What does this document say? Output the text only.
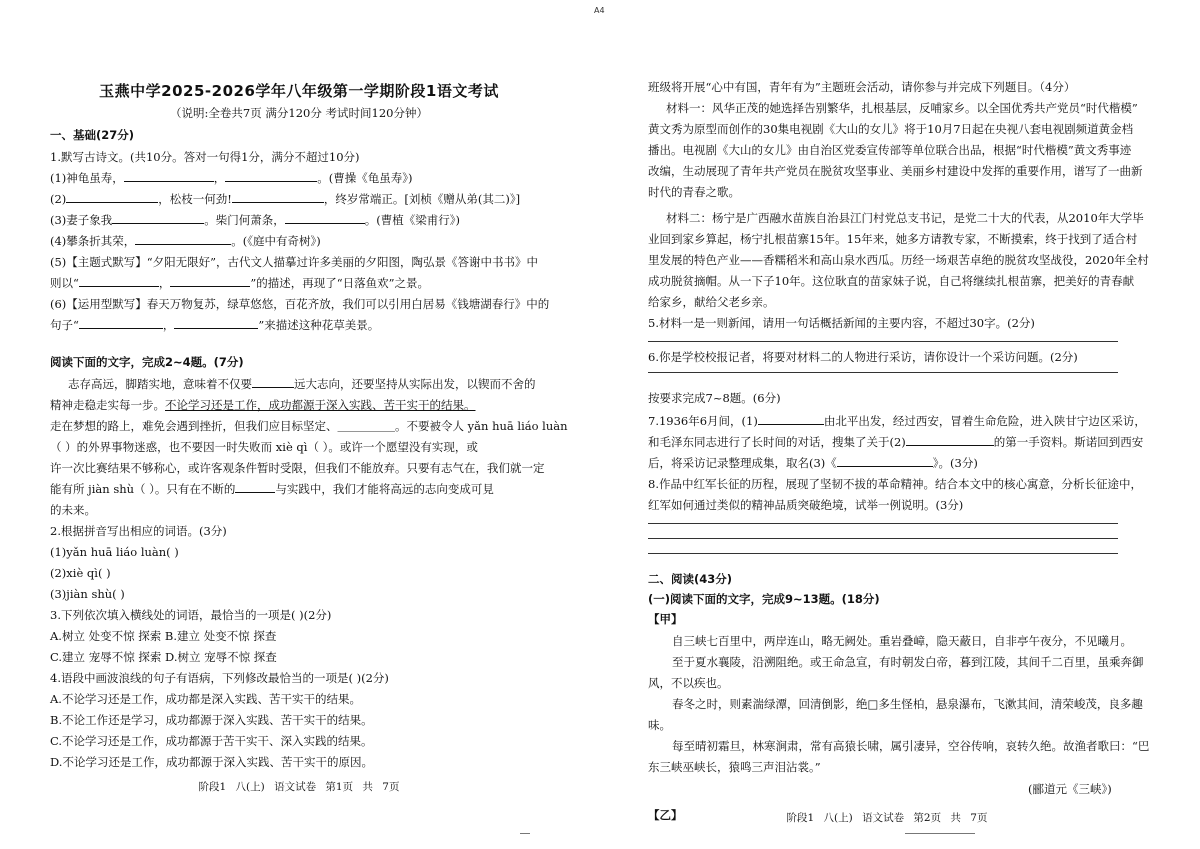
A4
玉燕中学2025-2026学年八年级第一学期阶段1语文考试
（说明:全卷共7页 满分120分 考试时间120分钟）
一、基础(27分)
1.默写古诗文。(共10分。答对一句得1分，满分不超过10分)
(1)神龟虽寿，	，	。(曹操《龟虽寿》)
(2)	，松枝一何劲!	，终岁常端正。[刘桢《赠从弟(其二)》]
(3)妻子象我	。柴门何萧条，	。(曹植《梁甫行》)
(4)攀条折其荣，	。(《庭中有奇树》)
(5)【主题式默写】“夕阳无限好”，古代文人描摹过许多美丽的夕阳图，陶弘景《答谢中书书》中
则以“	，	”的描述，再现了“日落鱼欢”之景。
(6)【运用型默写】春天万物复苏，绿草悠悠，百花齐放，我们可以引用白居易《钱塘湖春行》中的
句子“	，	”来描述这种花草美景。
阅读下面的文字，完成2~4题。(7分)
志存高远，脚踏实地，意味着不仅要	远大志向，还要坚持从实际出发，以锲而不舍的
精神走稳走实每一步。不论学习还是工作，成功都源于深入实践、苦干实干的结果。
走在梦想的路上，难免会遇到挫折，但我们应目标坚定、＿＿＿＿＿。不要被令人 yǎn huā liáo luàn
（ ）的外界事物迷惑，也不要因一时失败而 xiè qì（ ）。或许一个愿望没有实现，或
许一次比赛结果不够称心，或许客观条件暂时受限，但我们不能放弃。只要有志气在，我们就一定
能有所 jiàn shù（ ）。只有在不断的	与实践中，我们才能将高远的志向变成可見
的未来。
2.根据拼音写出相应的词语。(3分)
(1)yǎn huā liáo luàn( )
(2)xiè qì( )
(3)jiàn shù( )
3.下列依次填入横线处的词语，最恰当的一项是( )(2分)
A.树立 处变不惊 探索 B.建立 处变不惊 探查
C.建立 宠辱不惊 探索 D.树立 宠辱不惊 探查
4.语段中画波浪线的句子有语病，下列修改最恰当的一项是( )(2分)
A.不论学习还是工作，成功都是深入实践、苦干实干的结果。
B.不论工作还是学习，成功都源于深入实践、苦干实干的结果。
C.不论学习还是工作，成功都源于苦干实干、深入实践的结果。
D.不论学习还是工作，成功都源于深入实践、苦干实干的原因。
阶段1 八(上) 语文试卷 第1页 共 7页
班级将开展“心中有国，青年有为”主题班会活动，请你参与并完成下列题目。（4分）
材料一：风华正茂的她选择告别繁华，扎根基层，反哺家乡。以全国优秀共产党员“时代楷模”
黄文秀为原型而创作的30集电视剧《大山的女儿》将于10月7日起在央视八套电视剧频道黄金档
播出。电视剧《大山的女儿》由自治区党委宣传部等单位联合出品，根据“时代楷模”黄文秀事迹
改编，生动展现了青年共产党员在脱贫攻坚事业、美丽乡村建设中发挥的重要作用，谱写了一曲新
时代的青春之歌。
材料二：杨宁是广西融水苗族自治县江门村党总支书记，是党二十大的代表，从2010年大学毕
业回到家乡算起，杨宁扎根苗寨15年。15年来，她多方请教专家，不断摸索，终于找到了适合村
里发展的特色产业——香糯稻米和高山泉水西瓜。历经一场艰苦卓绝的脱贫攻坚战役，2020年全村
成功脱贫摘帽。从一下子10年。这位耿直的苗家妹子说，自己将继续扎根苗寨，把美好的青春献
给家乡，献给父老乡亲。
5.材料一是一则新闻，请用一句话概括新闻的主要内容，不超过30字。(2分)
6.你是学校校报记者，将要对材料二的人物进行采访，请你设计一个采访问题。(2分)
按要求完成7~8题。(6分)
7.1936年6月间，(1)	由北平出发，经过西安，冒着生命危险，进入陕甘宁边区采访，
和毛泽东同志进行了长时间的对话，搜集了关于(2)	的第一手资料。斯诺回到西安
后，将采访记录整理成集，取名(3)《	》。(3分)
8.作品中红军长征的历程，展现了坚韧不拔的革命精神。结合本文中的核心寓意，分析长征途中，
红军如何通过类似的精神品质突破绝境，试举一例说明。(3分)
二、阅读(43分)
(一)阅读下面的文字，完成9~13题。(18分)
【甲】
自三峡七百里中，两岸连山，略无阙处。重岩叠嶂，隐天蔽日，自非亭午夜分，不见曦月。
至于夏水襄陵，沿溯阻绝。或王命急宣，有时朝发白帝，暮到江陵，其间千二百里，虽乘奔御
风，不以疾也。
春冬之时，则素湍绿潭，回清倒影，绝□多生怪柏，悬泉瀑布，飞漱其间，清荣峻茂，良多趣
味。
每至晴初霜旦，林寒涧肃，常有高猿长啸，属引凄异，空谷传响，哀转久绝。故渔者歌曰：“巴
东三峡巫峡长，猿鸣三声泪沾裳。”
(郦道元《三峡》)
【乙】	阶段1 八(上) 语文试卷 第2页 共 7页
